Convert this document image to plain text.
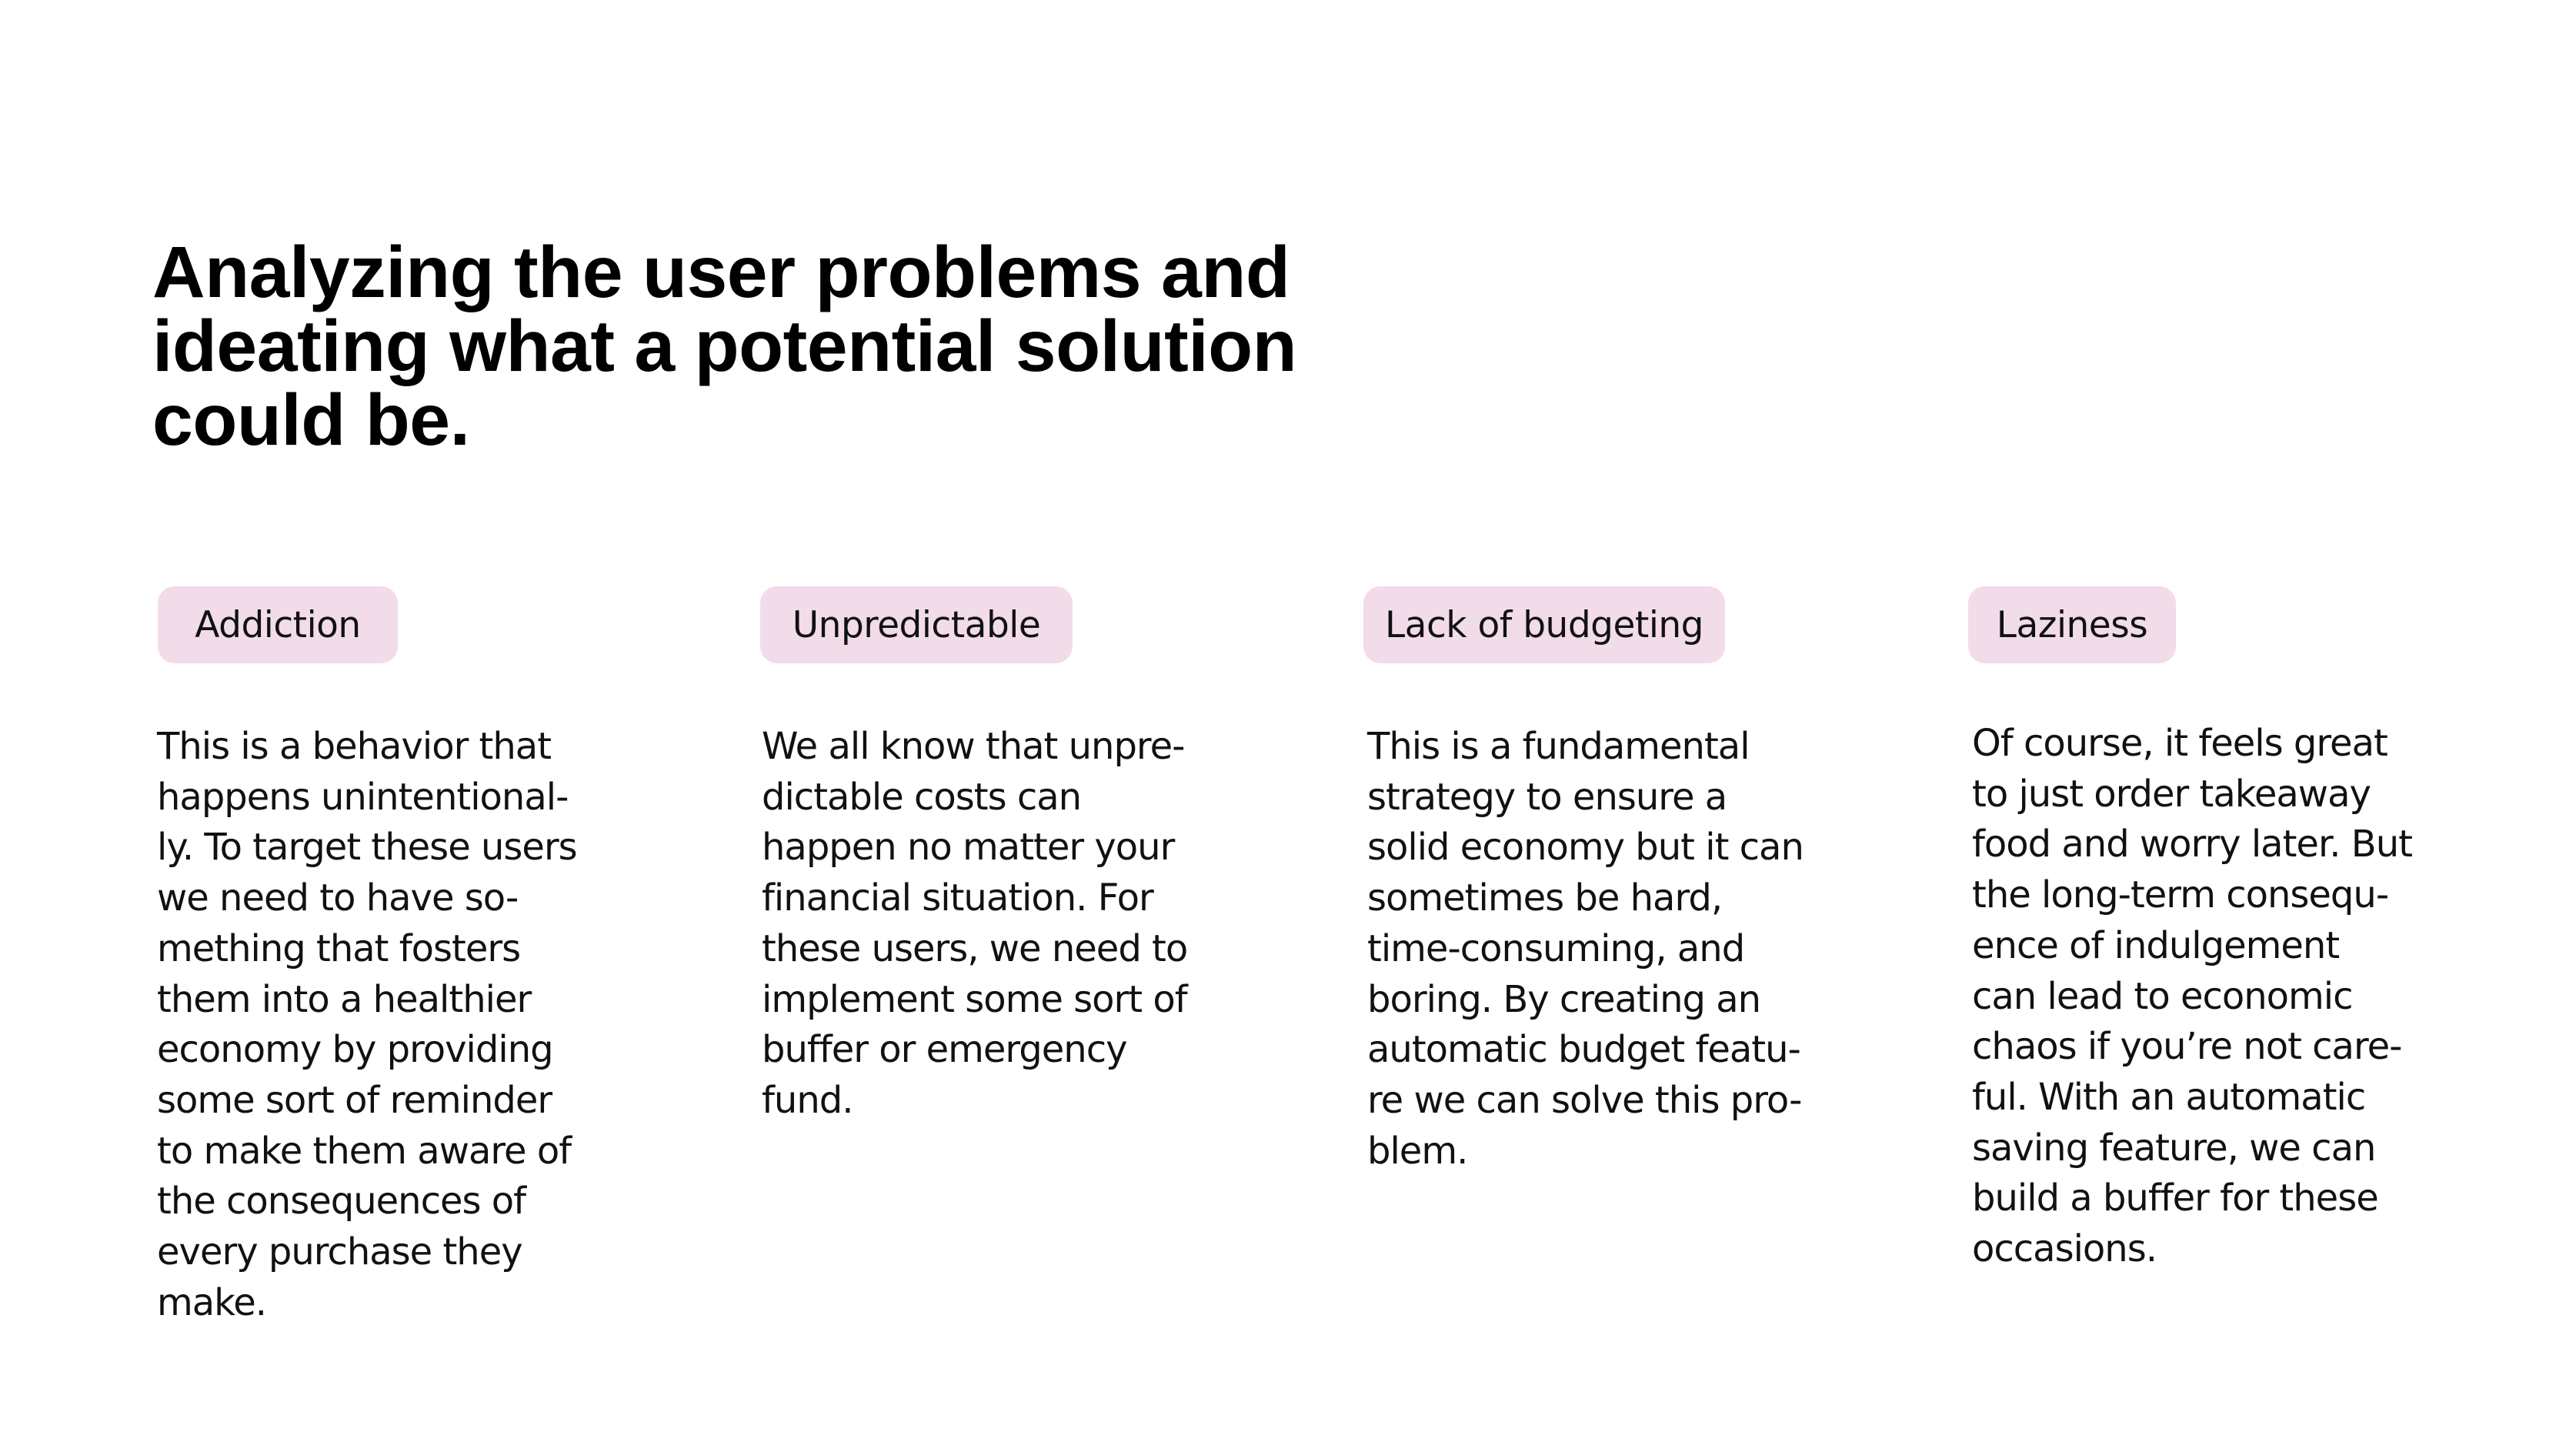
Analyzing the user problems and
ideating what a potential solution
could be.
Addiction
This is a behavior that
happens unintentional-
ly. To target these users
we need to have so-
mething that fosters
them into a healthier
economy by providing
some sort of reminder
to make them aware of
the consequences of
every purchase they
make.
Unpredictable
We all know that unpre-
dictable costs can
happen no matter your
financial situation. For
these users, we need to
implement some sort of
buffer or emergency
fund.
Lack of budgeting
This is a fundamental
strategy to ensure a
solid economy but it can
sometimes be hard,
time-consuming, and
boring. By creating an
automatic budget featu-
re we can solve this pro-
blem.
Laziness
Of course, it feels great
to just order takeaway
food and worry later. But
the long-term consequ-
ence of indulgement
can lead to economic
chaos if you’re not care-
ful. With an automatic
saving feature, we can
build a buffer for these
occasions.
